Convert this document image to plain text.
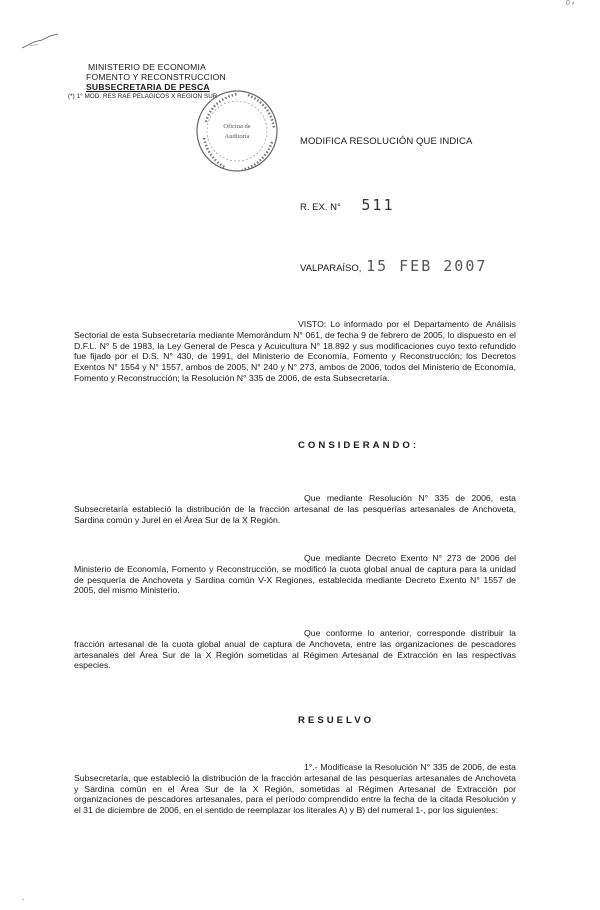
0 ⸗
MINISTERIO DE ECONOMIA
FOMENTO Y RECONSTRUCCION
SUBSECRETARIA DE PESCA
(*) 1° MOD. RES RAE PELAGICOS X REGION SUR
Oficina de
Auditoría	MODIFICA RESOLUCIÓN QUE INDICA
R. EX. N° 511
VALPARAÍSO, 15 FEB 2007
VISTO: Lo informado por el Departamento de Análisis Sectorial de esta Subsecretaría mediante Memorándum N° 061, de fecha 9 de febrero de 2005, lo dispuesto en el D.F.L. N° 5 de 1983, la Ley General de Pesca y Acuicultura N° 18.892 y sus modificaciones cuyo texto refundido fue fijado por el D.S. N° 430, de 1991, del Ministerio de Economía, Fomento y Reconstrucción; los Decretos Exentos N° 1554 y N° 1557, ambos de 2005, N° 240 y N° 273, ambos de 2006, todos del Ministerio de Economía, Fomento y Reconstrucción; la Resolución N° 335 de 2006, de esta Subsecretaría.
CONSIDERANDO:
Que mediante Resolución N° 335 de 2006, esta Subsecretaría estableció la distribución de la fracción artesanal de las pesquerías artesanales de Anchoveta, Sardina común y Jurel en el Área Sur de la X Región.
Que mediante Decreto Exento N° 273 de 2006 del Ministerio de Economía, Fomento y Reconstrucción, se modificó la cuota global anual de captura para la unidad de pesquería de Anchoveta y Sardina común V-X Regiones, establecida mediante Decreto Exento N° 1557 de 2005, del mismo Ministerio.
Que conforme lo anterior, corresponde distribuir la fracción artesanal de la cuota global anual de captura de Anchoveta, entre las organizaciones de pescadores artesanales del Área Sur de la X Región sometidas al Régimen Artesanal de Extracción en las respectivas especies.
RESUELVO
1°.- Modifícase la Resolución N° 335 de 2006, de esta Subsecretaría, que estableció la distribución de la fracción artesanal de las pesquerías artesanales de Anchoveta y Sardina común en el Área Sur de la X Región, sometidas al Régimen Artesanal de Extracción por organizaciones de pescadores artesanales, para el período comprendido entre la fecha de la citada Resolución y el 31 de diciembre de 2006, en el sentido de reemplazar los literales A) y B) del numeral 1-, por los siguientes:
-
